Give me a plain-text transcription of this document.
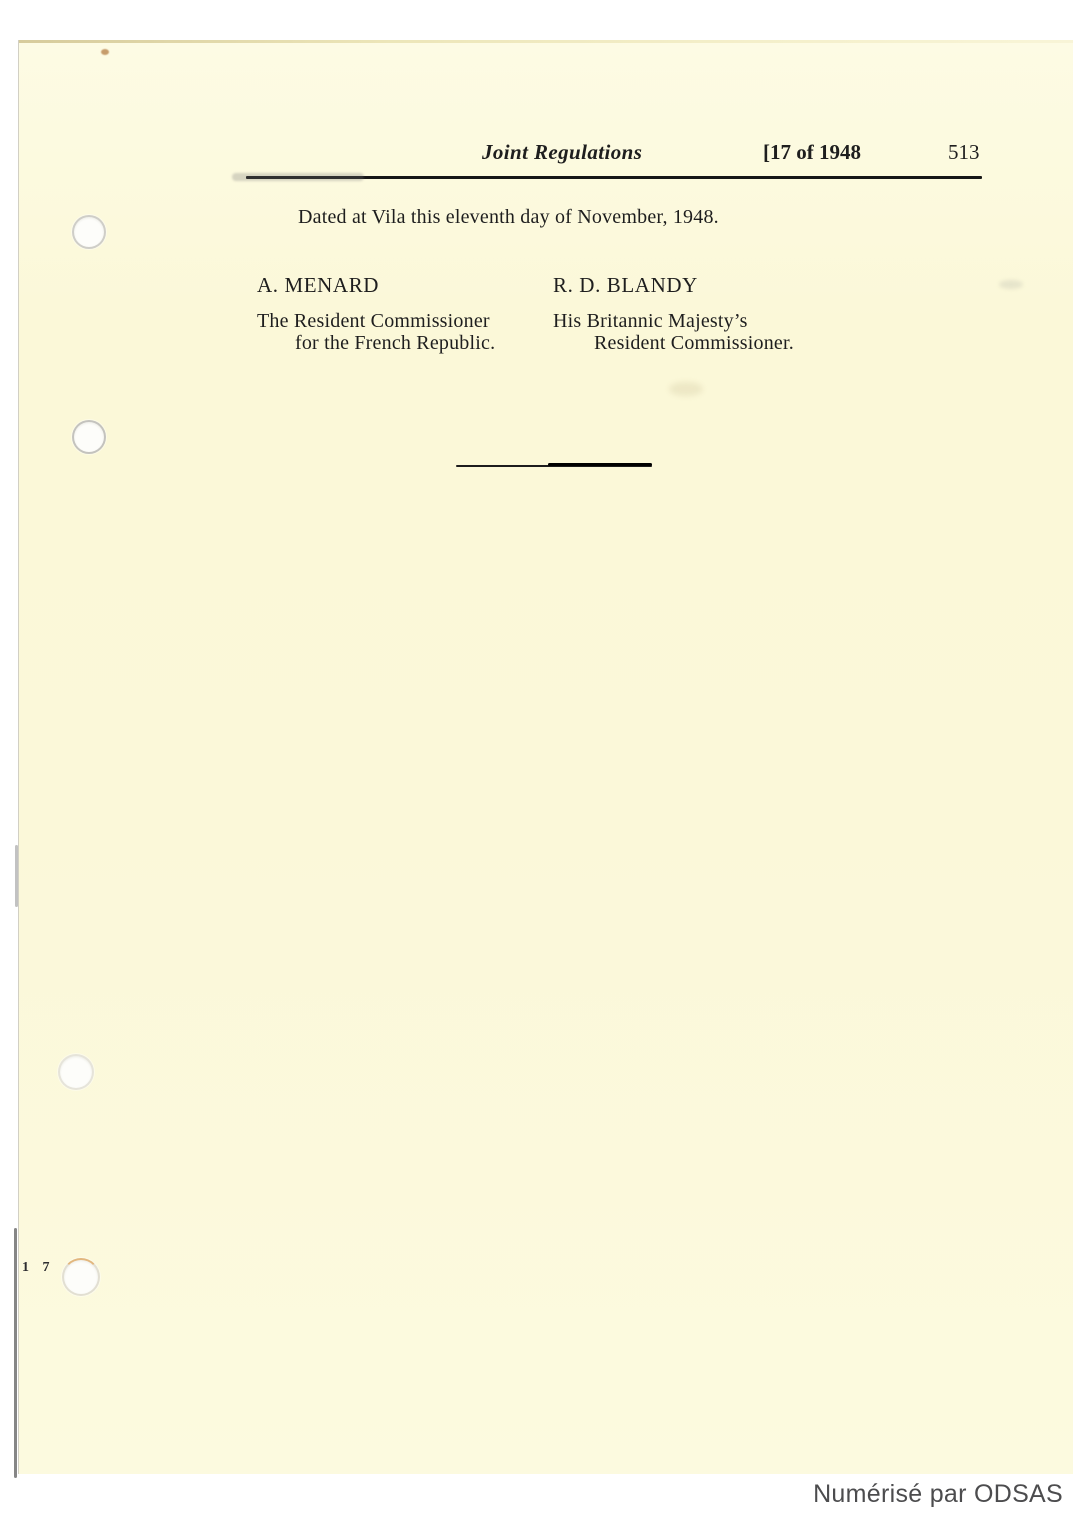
Joint Regulations	[17 of 1948	513

Dated at Vila this eleventh day of November, 1948.

A. MENARD
The Resident Commissioner
for the French Republic.
R. D. BLANDY
His Britannic Majesty’s
Resident Commissioner.
1 7
Numérisé par ODSAS
